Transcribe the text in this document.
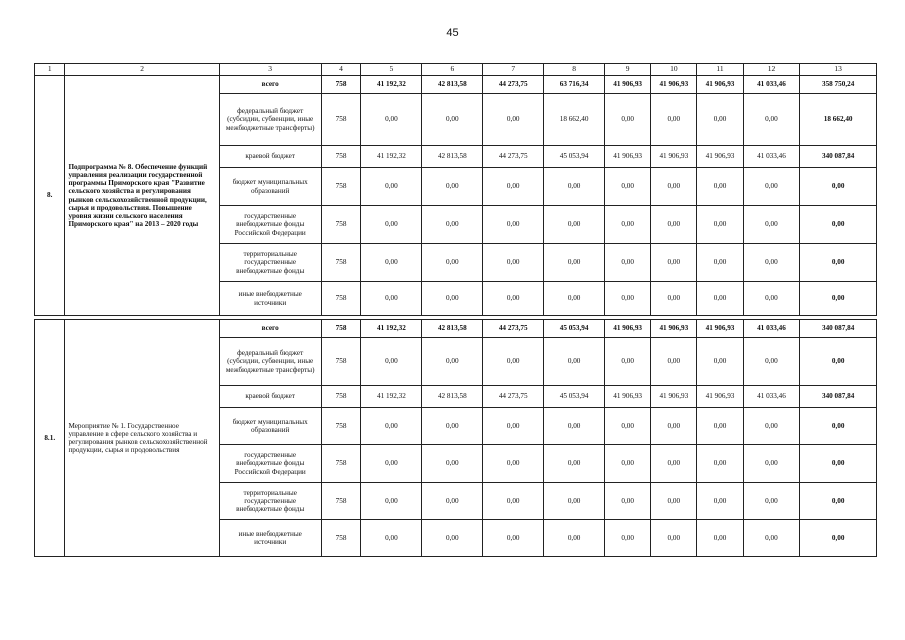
45
1	2	3	4	5	6	7	8	9	10	11	12	13
8.	Подпрограмма № 8. Обеспечение функций управления реализации государственной программы Приморского края "Развитие сельского хозяйства и регулирования рынков сельскохозяйственной продукции, сырья и продовольствия. Повышение уровня жизни сельского населения Приморского края" на 2013 – 2020 годы	всего	758	41 192,32	42 813,58	44 273,75	63 716,34	41 906,93	41 906,93	41 906,93	41 033,46	358 750,24
		федеральный бюджет (субсидии, субвенции, иные межбюджетные трансферты)	758	0,00	0,00	0,00	18 662,40	0,00	0,00	0,00	0,00	18 662,40
		краевой бюджет	758	41 192,32	42 813,58	44 273,75	45 053,94	41 906,93	41 906,93	41 906,93	41 033,46	340 087,84
		бюджет муниципальных образований	758	0,00	0,00	0,00	0,00	0,00	0,00	0,00	0,00	0,00
		государственные внебюджетные фонды Российской Федерации	758	0,00	0,00	0,00	0,00	0,00	0,00	0,00	0,00	0,00
		территориальные государственные внебюджетные фонды	758	0,00	0,00	0,00	0,00	0,00	0,00	0,00	0,00	0,00
		иные внебюджетные источники	758	0,00	0,00	0,00	0,00	0,00	0,00	0,00	0,00	0,00

8.1.	Мероприятие № 1. Государственное управление в сфере сельского хозяйства и регулирования рынков сельскохозяйственной продукции, сырья и продовольствия	всего	758	41 192,32	42 813,58	44 273,75	45 053,94	41 906,93	41 906,93	41 906,93	41 033,46	340 087,84
		федеральный бюджет (субсидии, субвенции, иные межбюджетные трансферты)	758	0,00	0,00	0,00	0,00	0,00	0,00	0,00	0,00	0,00
		краевой бюджет	758	41 192,32	42 813,58	44 273,75	45 053,94	41 906,93	41 906,93	41 906,93	41 033,46	340 087,84
		бюджет муниципальных образований	758	0,00	0,00	0,00	0,00	0,00	0,00	0,00	0,00	0,00
		государственные внебюджетные фонды Российской Федерации	758	0,00	0,00	0,00	0,00	0,00	0,00	0,00	0,00	0,00
		территориальные государственные внебюджетные фонды	758	0,00	0,00	0,00	0,00	0,00	0,00	0,00	0,00	0,00
		иные внебюджетные источники	758	0,00	0,00	0,00	0,00	0,00	0,00	0,00	0,00	0,00
